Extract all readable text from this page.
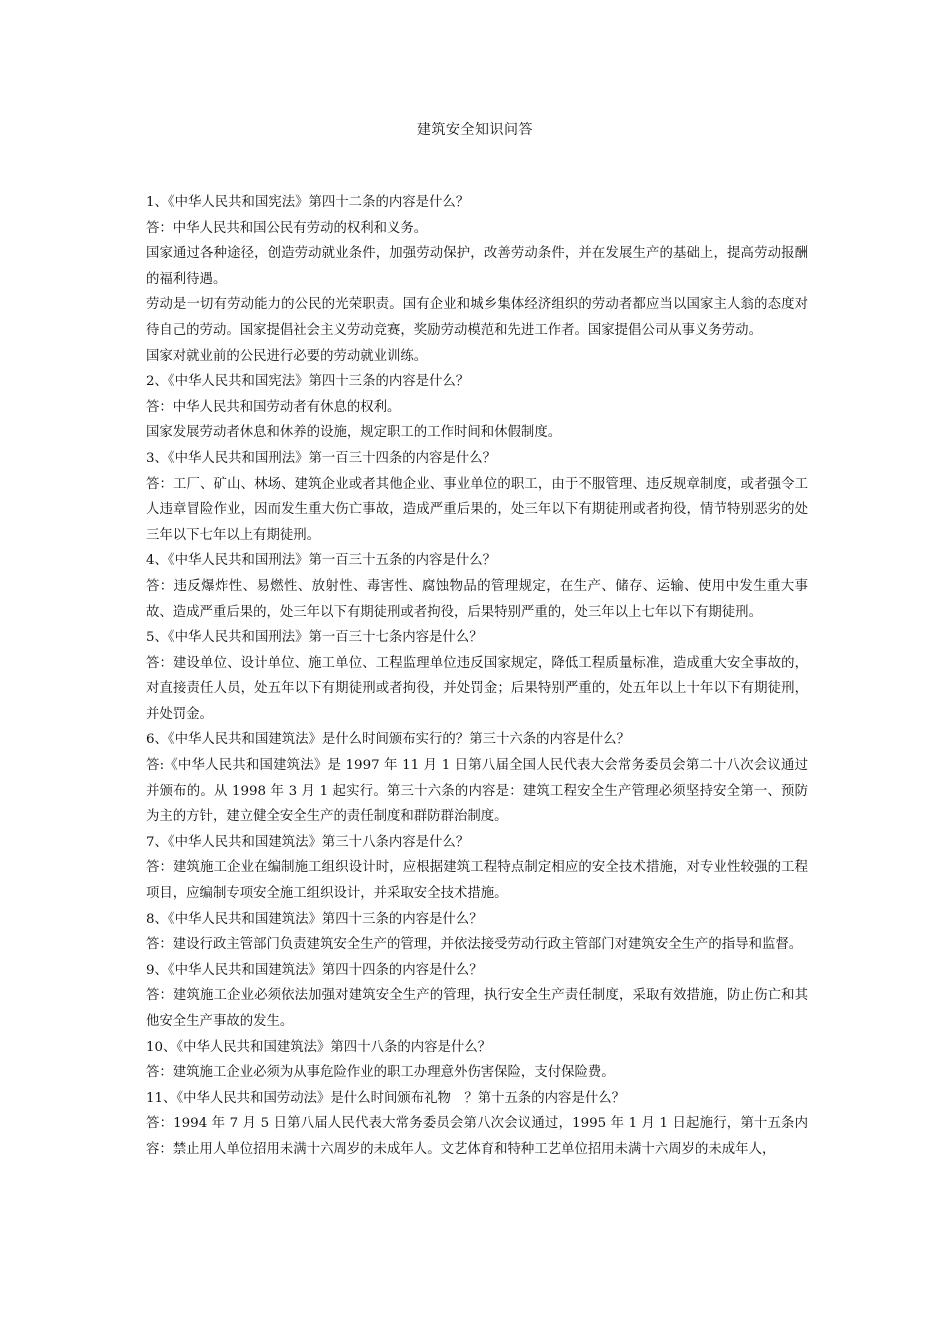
建筑安全知识问答

1、《中华人民共和国宪法》第四十二条的内容是什么？

答：中华人民共和国公民有劳动的权利和义务。

国家通过各种途径，创造劳动就业条件，加强劳动保护，改善劳动条件，并在发展生产的基础上，提高劳动报酬的福利待遇。

劳动是一切有劳动能力的公民的光荣职责。国有企业和城乡集体经济组织的劳动者都应当以国家主人翁的态度对待自己的劳动。国家提倡社会主义劳动竞赛，奖励劳动模范和先进工作者。国家提倡公司从事义务劳动。

国家对就业前的公民进行必要的劳动就业训练。

2、《中华人民共和国宪法》第四十三条的内容是什么？

答：中华人民共和国劳动者有休息的权利。

国家发展劳动者休息和休养的设施，规定职工的工作时间和休假制度。

3、《中华人民共和国刑法》第一百三十四条的内容是什么？

答：工厂、矿山、林场、建筑企业或者其他企业、事业单位的职工，由于不服管理、违反规章制度，或者强令工人违章冒险作业，因而发生重大伤亡事故，造成严重后果的，处三年以下有期徒刑或者拘役，情节特别恶劣的处三年以下七年以上有期徒刑。

4、《中华人民共和国刑法》第一百三十五条的内容是什么？

答：违反爆炸性、易燃性、放射性、毒害性、腐蚀物品的管理规定，在生产、储存、运输、使用中发生重大事故、造成严重后果的，处三年以下有期徒刑或者拘役，后果特别严重的，处三年以上七年以下有期徒刑。

5、《中华人民共和国刑法》第一百三十七条内容是什么？

答：建设单位、设计单位、施工单位、工程监理单位违反国家规定，降低工程质量标准，造成重大安全事故的，对直接责任人员，处五年以下有期徒刑或者拘役，并处罚金；后果特别严重的，处五年以上十年以下有期徒刑，并处罚金。

6、《中华人民共和国建筑法》是什么时间颁布实行的？第三十六条的内容是什么？

答:《中华人民共和国建筑法》是 1997 年 11 月 1 日第八届全国人民代表大会常务委员会第二十八次会议通过并颁布的。从 1998 年 3 月 1 起实行。第三十六条的内容是：建筑工程安全生产管理必须坚持安全第一、预防为主的方针，建立健全安全生产的责任制度和群防群治制度。

7、《中华人民共和国建筑法》第三十八条内容是什么？

答：建筑施工企业在编制施工组织设计时，应根据建筑工程特点制定相应的安全技术措施，对专业性较强的工程项目，应编制专项安全施工组织设计，并采取安全技术措施。

8、《中华人民共和国建筑法》第四十三条的内容是什么？

答：建设行政主管部门负责建筑安全生产的管理，并依法接受劳动行政主管部门对建筑安全生产的指导和监督。

9、《中华人民共和国建筑法》第四十四条的内容是什么？

答：建筑施工企业必须依法加强对建筑安全生产的管理，执行安全生产责任制度，采取有效措施，防止伤亡和其他安全生产事故的发生。

10、《中华人民共和国建筑法》第四十八条的内容是什么？

答：建筑施工企业必须为从事危险作业的职工办理意外伤害保险，支付保险费。

11、《中华人民共和国劳动法》是什么时间颁布礼物　？第十五条的内容是什么？

答：1994 年 7 月 5 日第八届人民代表大常务委员会第八次会议通过，1995 年 1 月 1 日起施行，第十五条内容：禁止用人单位招用未满十六周岁的未成年人。文艺体育和特种工艺单位招用未满十六周岁的未成年人，
